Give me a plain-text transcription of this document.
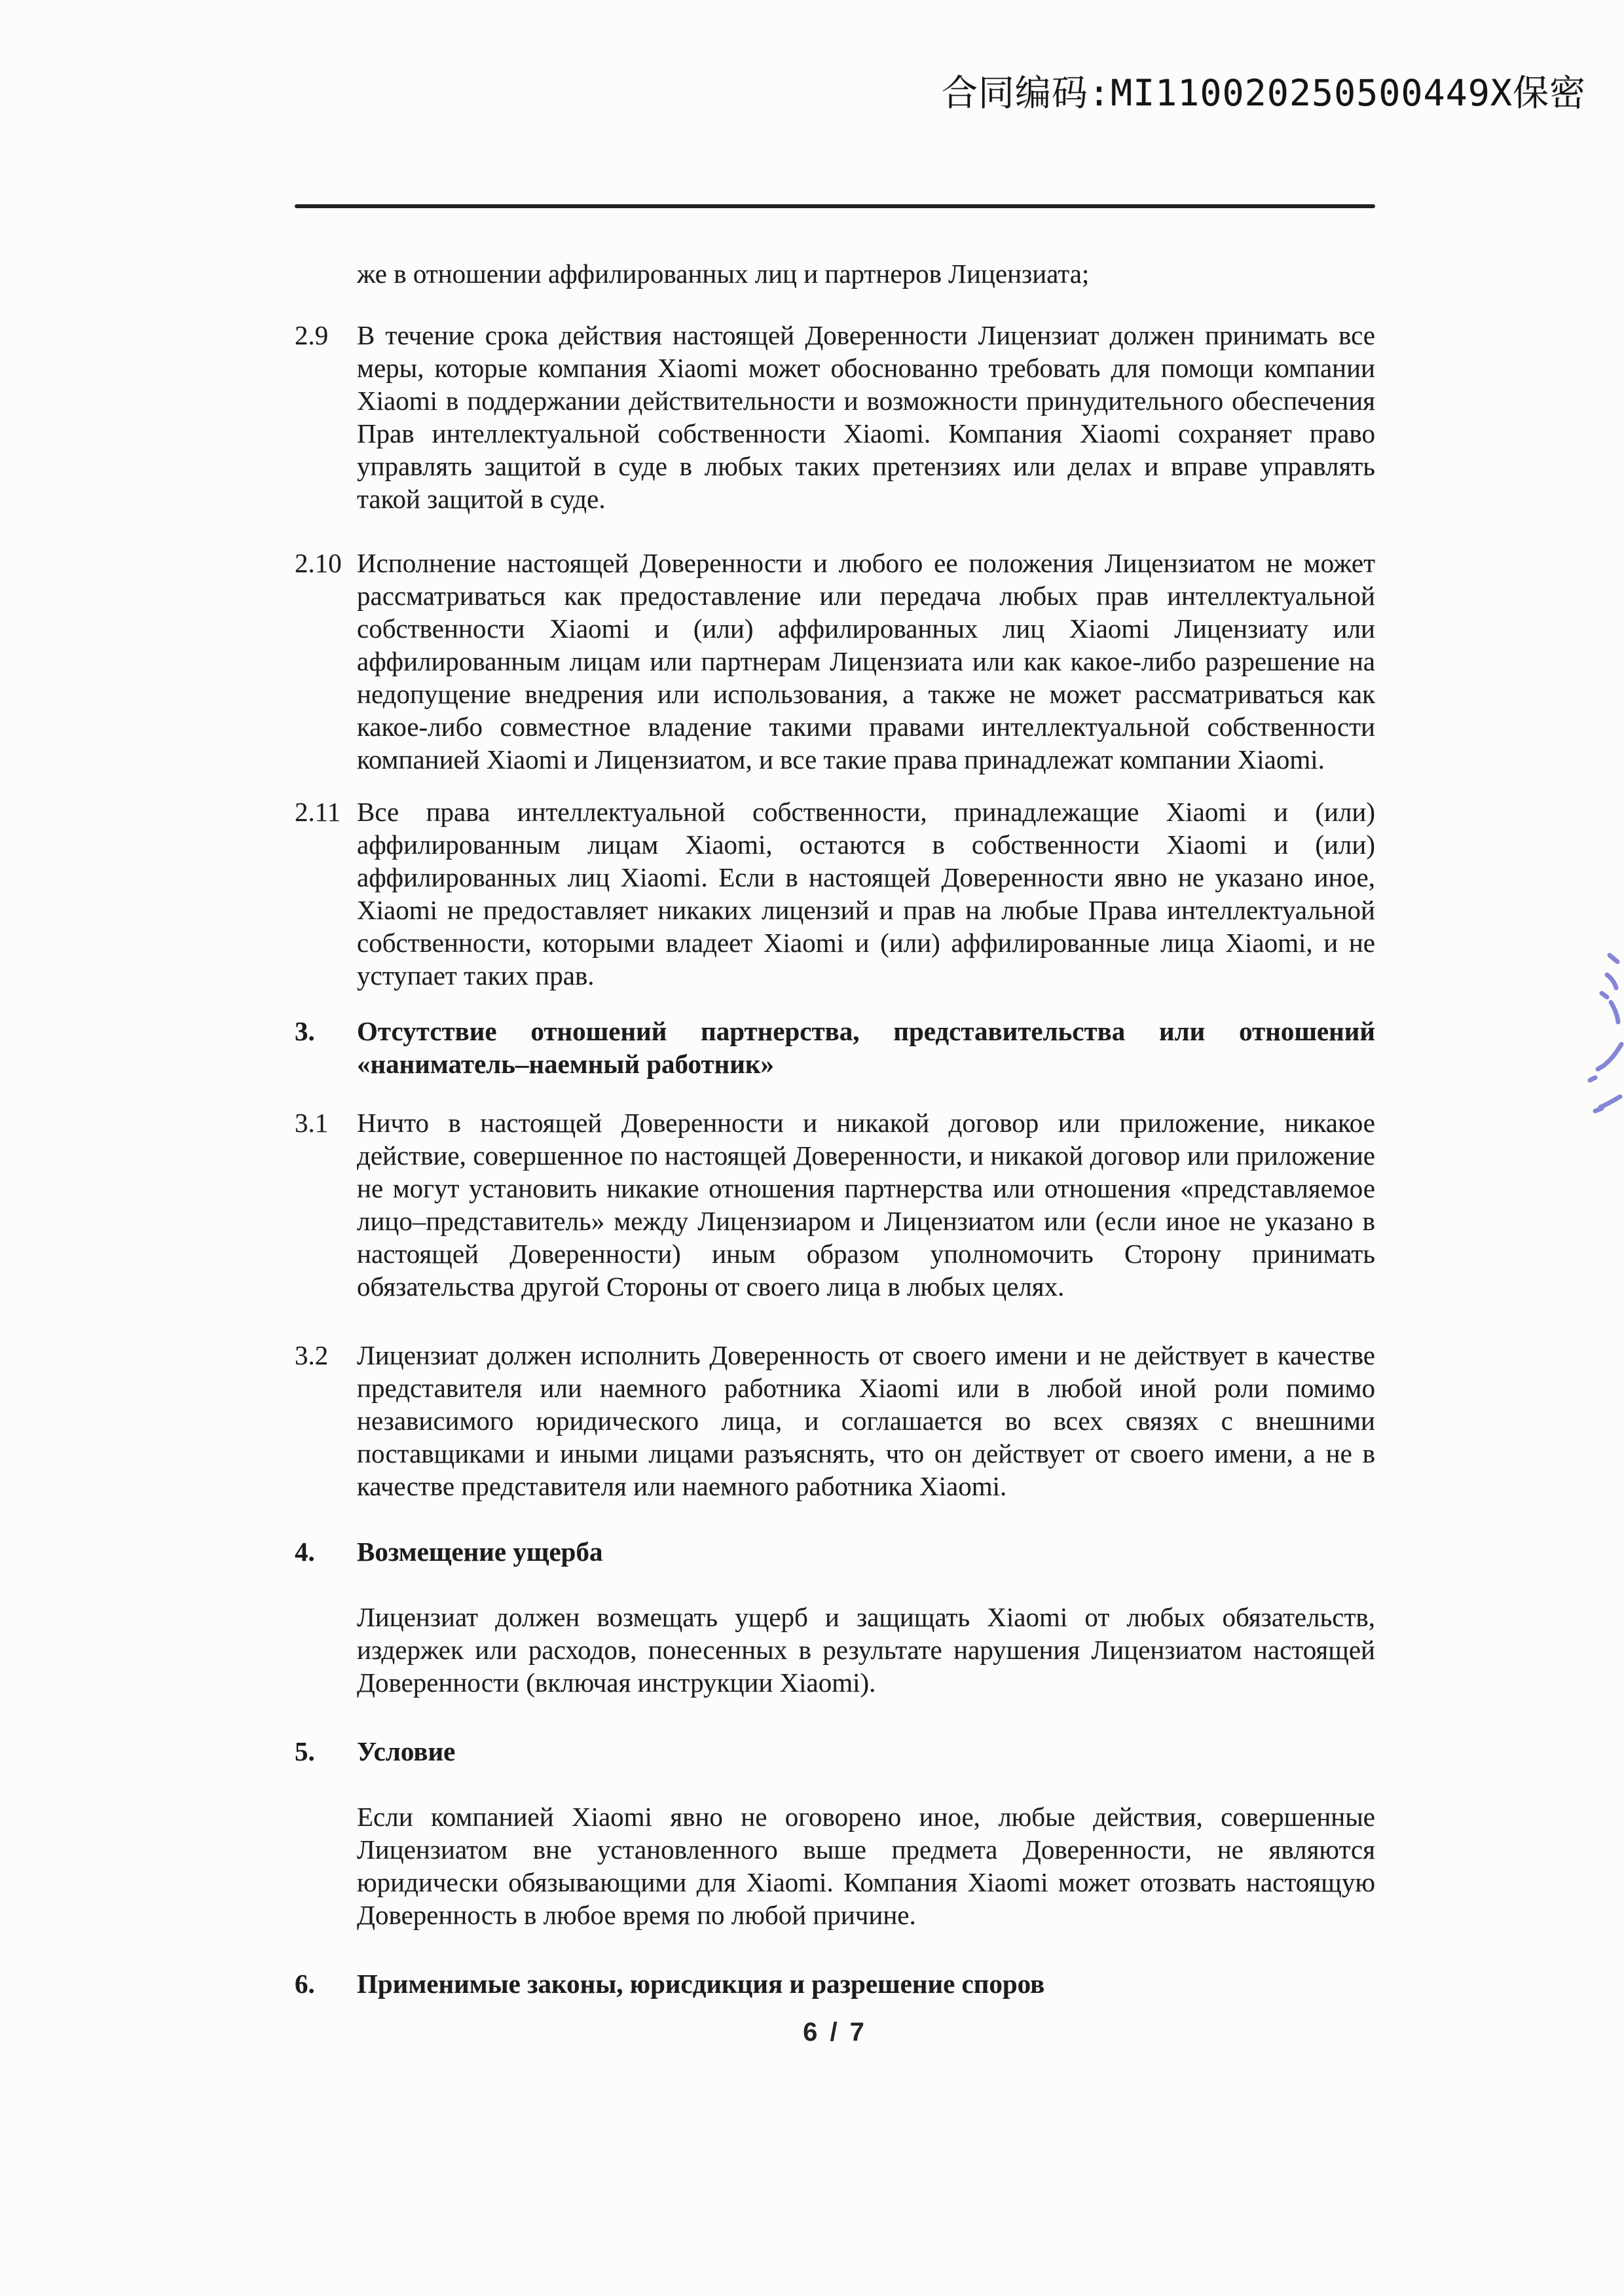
合同编码:MI110020250500449X保密
же в отношении аффилированных лиц и партнеров Лицензиата;
2.9	В течение срока действия настоящей Доверенности Лицензиат должен принимать все меры, которые компания Xiaomi может обоснованно требовать для помощи компании Xiaomi в поддержании действительности и возможности принудительного обеспечения Прав интеллектуальной собственности Xiaomi. Компания Xiaomi сохраняет право управлять защитой в суде в любых таких претензиях или делах и вправе управлять такой защитой в суде.
2.10 Исполнение настоящей Доверенности и любого ее положения Лицензиатом не может рассматриваться как предоставление или передача любых прав интеллектуальной собственности Xiaomi и (или) аффилированных лиц Xiaomi Лицензиату или аффилированным лицам или партнерам Лицензиата или как какое-либо разрешение на недопущение внедрения или использования, а также не может рассматриваться как какое-либо совместное владение такими правами интеллектуальной собственности компанией Xiaomi и Лицензиатом, и все такие права принадлежат компании Xiaomi.
2.11 Все права интеллектуальной собственности, принадлежащие Xiaomi и (или) аффилированным лицам Xiaomi, остаются в собственности Xiaomi и (или) аффилированных лиц Xiaomi. Если в настоящей Доверенности явно не указано иное, Xiaomi не предоставляет никаких лицензий и прав на любые Права интеллектуальной собственности, которыми владеет Xiaomi и (или) аффилированные лица Xiaomi, и не уступает таких прав.
3.	Отсутствие отношений партнерства, представительства или отношений «наниматель–наемный работник»
3.1	Ничто в настоящей Доверенности и никакой договор или приложение, никакое действие, совершенное по настоящей Доверенности, и никакой договор или приложение не могут установить никакие отношения партнерства или отношения «представляемое лицо–представитель» между Лицензиаром и Лицензиатом или (если иное не указано в настоящей Доверенности) иным образом уполномочить Сторону принимать обязательства другой Стороны от своего лица в любых целях.
3.2	Лицензиат должен исполнить Доверенность от своего имени и не действует в качестве представителя или наемного работника Xiaomi или в любой иной роли помимо независимого юридического лица, и соглашается во всех связях с внешними поставщиками и иными лицами разъяснять, что он действует от своего имени, а не в качестве представителя или наемного работника Xiaomi.
4.	Возмещение ущерба
Лицензиат должен возмещать ущерб и защищать Xiaomi от любых обязательств, издержек или расходов, понесенных в результате нарушения Лицензиатом настоящей Доверенности (включая инструкции Xiaomi).
5.	Условие
Если компанией Xiaomi явно не оговорено иное, любые действия, совершенные Лицензиатом вне установленного выше предмета Доверенности, не являются юридически обязывающими для Xiaomi. Компания Xiaomi может отозвать настоящую Доверенность в любое время по любой причине.
6.	Применимые законы, юрисдикция и разрешение споров
6 / 7
